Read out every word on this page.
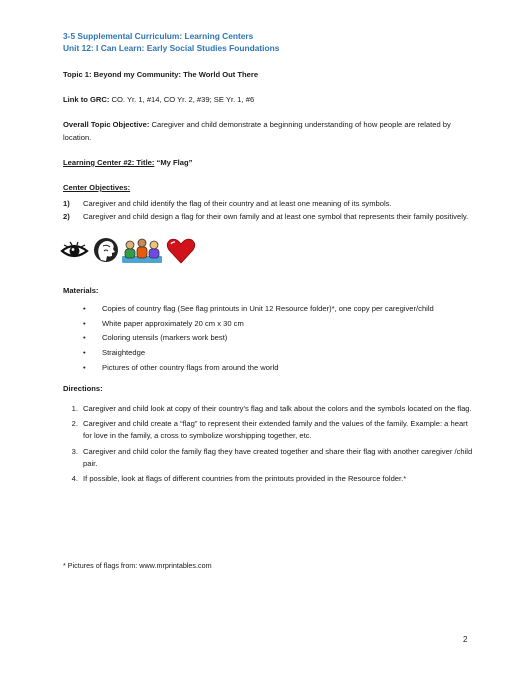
3-5 Supplemental Curriculum: Learning Centers
Unit 12: I Can Learn: Early Social Studies Foundations

Topic 1: Beyond my Community: The World Out There

Link to GRC: CO. Yr. 1, #14, CO Yr. 2, #39; SE Yr. 1, #6

Overall Topic Objective: Caregiver and child demonstrate a beginning understanding of how people are related by location.

Learning Center #2: Title: “My Flag”

Center Objectives:

1) Caregiver and child identify the flag of their country and at least one meaning of its symbols.
2) Caregiver and child design a flag for their own family and at least one symbol that represents their family positively.

Materials:

• Copies of country flag (See flag printouts in Unit 12 Resource folder)*, one copy per caregiver/child
• White paper approximately 20 cm x 30 cm
• Coloring utensils (markers work best)
• Straightedge
• Pictures of other country flags from around the world

Directions:

1. Caregiver and child look at copy of their country’s flag and talk about the colors and the symbols located on the flag.
2. Caregiver and child create a “flag” to represent their extended family and the values of the family. Example: a heart for love in the family, a cross to symbolize worshipping together, etc.
3. Caregiver and child color the family flag they have created together and share their flag with another caregiver /child pair.
4. If possible, look at flags of different countries from the printouts provided in the Resource folder.*
* Pictures of flags from: www.mrprintables.com
2
